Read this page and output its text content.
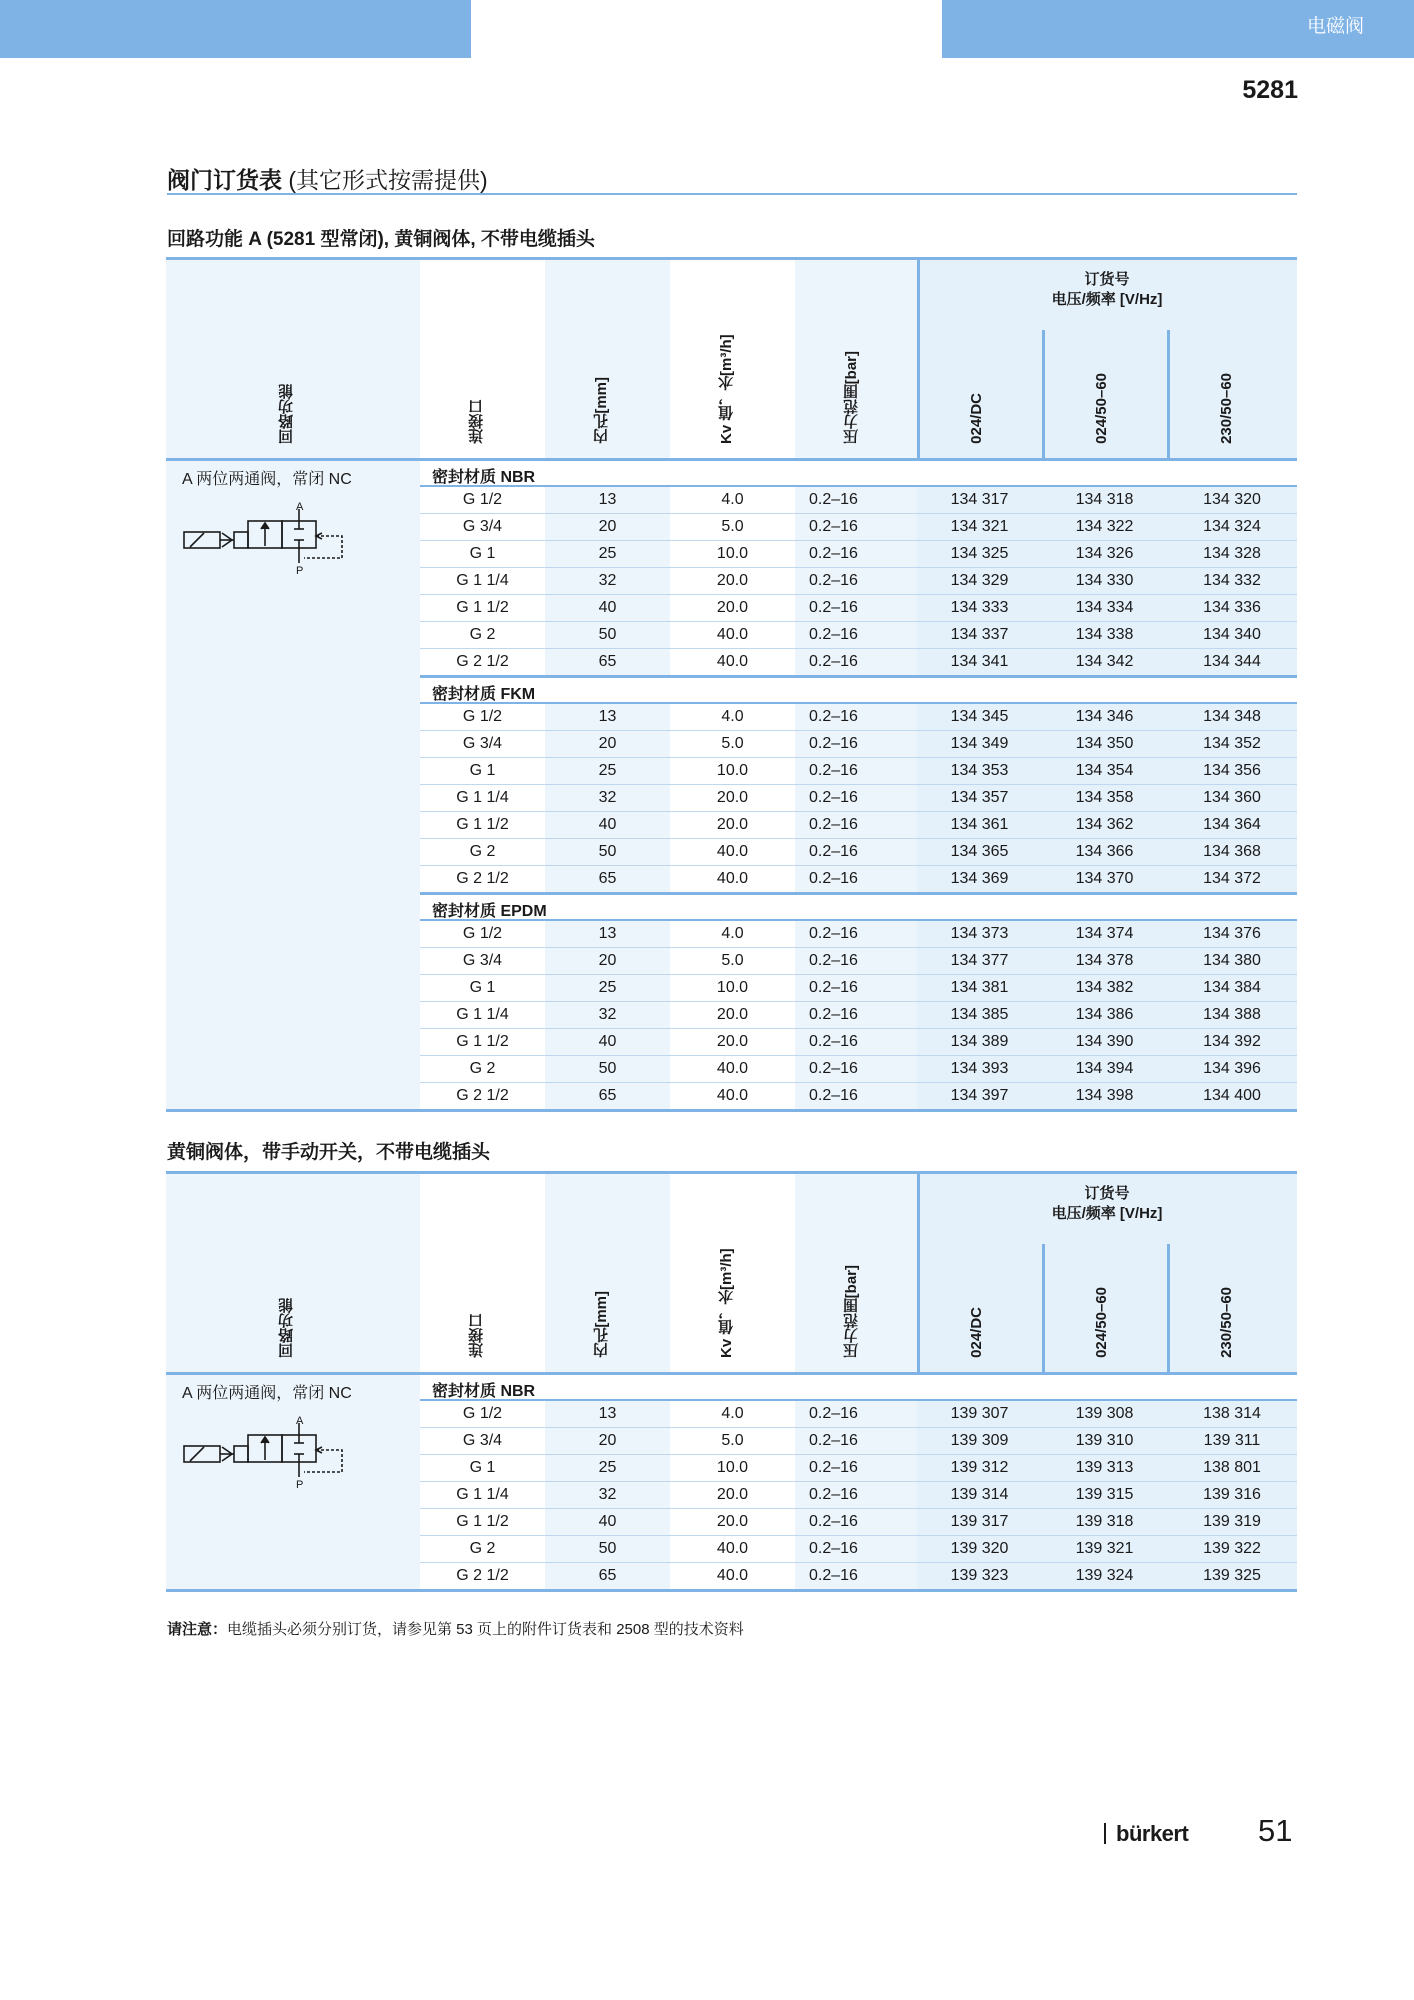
电磁阀
5281
阀门订货表 (其它形式按需提供)
回路功能 A (5281 型常闭), 黄铜阀体, 不带电缆插头
回路功能	连接口	内孔[mm]	Kv 值，水[m³/h]
压力范围[bar]
024/DC	024/50–60	230/50–60
订货号
电压/频率 [V/Hz]
A 两位两通阀，常闭 NC
A
P
密封材质 NBR
G 1/2	13	4.0	0.2–16	134 317	134 318	134 320
G 3/4	20	5.0	0.2–16	134 321	134 322	134 324
G 1	25	10.0	0.2–16	134 325	134 326	134 328
G 1 1/4	32	20.0	0.2–16	134 329	134 330	134 332
G 1 1/2	40	20.0	0.2–16	134 333	134 334	134 336
G 2	50	40.0	0.2–16	134 337	134 338	134 340
G 2 1/2	65	40.0	0.2–16	134 341	134 342	134 344
密封材质 FKM
G 1/2	13	4.0	0.2–16	134 345	134 346	134 348
G 3/4	20	5.0	0.2–16	134 349	134 350	134 352
G 1	25	10.0	0.2–16	134 353	134 354	134 356
G 1 1/4	32	20.0	0.2–16	134 357	134 358	134 360
G 1 1/2	40	20.0	0.2–16	134 361	134 362	134 364
G 2	50	40.0	0.2–16	134 365	134 366	134 368
G 2 1/2	65	40.0	0.2–16	134 369	134 370	134 372
密封材质 EPDM
G 1/2	13	4.0	0.2–16	134 373	134 374	134 376
G 3/4	20	5.0	0.2–16	134 377	134 378	134 380
G 1	25	10.0	0.2–16	134 381	134 382	134 384
G 1 1/4	32	20.0	0.2–16	134 385	134 386	134 388
G 1 1/2	40	20.0	0.2–16	134 389	134 390	134 392
G 2	50	40.0	0.2–16	134 393	134 394	134 396
G 2 1/2	65	40.0	0.2–16	134 397	134 398	134 400
黄铜阀体，带手动开关，不带电缆插头
回路功能	连接口	内孔[mm]	Kv 值，水[m³/h]
压力范围[bar]
024/DC	024/50–60	230/50–60
订货号
电压/频率 [V/Hz]
A 两位两通阀，常闭 NC
A
P
密封材质 NBR
G 1/2	13	4.0	0.2–16	139 307	139 308	138 314
G 3/4	20	5.0	0.2–16	139 309	139 310	139 311
G 1	25	10.0	0.2–16	139 312	139 313	138 801
G 1 1/4	32	20.0	0.2–16	139 314	139 315	139 316
G 1 1/2	40	20.0	0.2–16	139 317	139 318	139 319
G 2	50	40.0	0.2–16	139 320	139 321	139 322
G 2 1/2	65	40.0	0.2–16	139 323	139 324	139 325
请注意：电缆插头必须分别订货，请参见第 53 页上的附件订货表和 2508 型的技术资料
bürkert 51
